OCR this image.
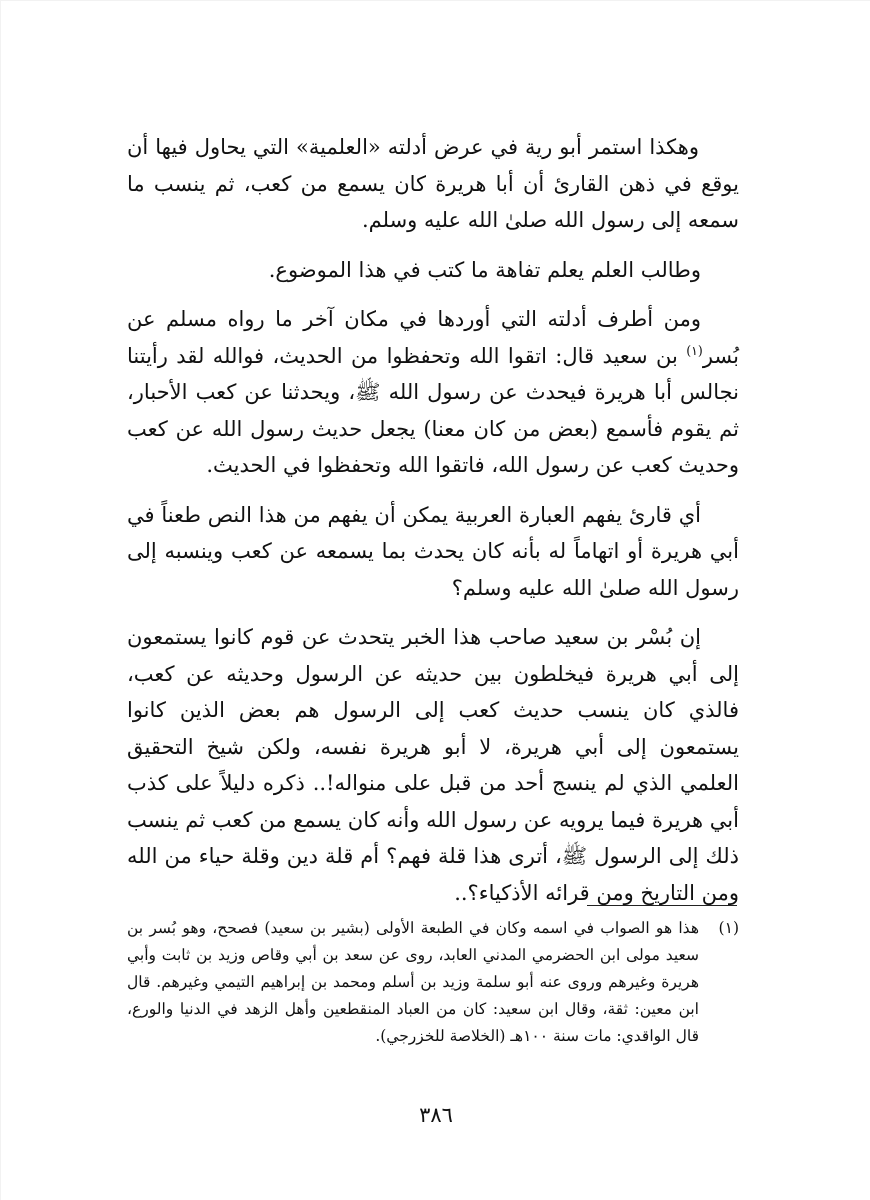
وهكذا استمر أبو رية في عرض أدلته «العلمية» التي يحاول فيها أن يوقع في ذهن القارئ أن أبا هريرة كان يسمع من كعب، ثم ينسب ما سمعه إلى رسول الله صلىٰ الله عليه وسلم.

وطالب العلم يعلم تفاهة ما كتب في هذا الموضوع.

ومن أطرف أدلته التي أوردها في مكان آخر ما رواه مسلم عن بُسر$^{(١)}$ بن سعيد قال: اتقوا الله وتحفظوا من الحديث، فوالله لقد رأيتنا نجالس أبا هريرة فيحدث عن رسول الله ﷺ، ويحدثنا عن كعب الأحبار، ثم يقوم فأسمع (بعض من كان معنا) يجعل حديث رسول الله عن كعب وحديث كعب عن رسول الله، فاتقوا الله وتحفظوا في الحديث.

أي قارئ يفهم العبارة العربية يمكن أن يفهم من هذا النص طعناً في أبي هريرة أو اتهاماً له بأنه كان يحدث بما يسمعه عن كعب وينسبه إلى رسول الله صلىٰ الله عليه وسلم؟

إن بُسْر بن سعيد صاحب هذا الخبر يتحدث عن قوم كانوا يستمعون إلى أبي هريرة فيخلطون بين حديثه عن الرسول وحديثه عن كعب، فالذي كان ينسب حديث كعب إلى الرسول هم بعض الذين كانوا يستمعون إلى أبي هريرة، لا أبو هريرة نفسه، ولكن شيخ التحقيق العلمي الذي لم ينسج أحد من قبل على منواله!.. ذكره دليلاً على كذب أبي هريرة فيما يرويه عن رسول الله وأنه كان يسمع من كعب ثم ينسب ذلك إلى الرسول ﷺ، أترى هذا قلة فهم؟ أم قلة دين وقلة حياء من الله ومن التاريخ ومن قرائه الأذكياء؟..

(١)
هذا هو الصواب في اسمه وكان في الطبعة الأولى (بشير بن سعيد) فصحح، وهو بُسر بن سعيد مولى ابن الحضرمي المدني العابد، روى عن سعد بن أبي وقاص وزيد بن ثابت وأبي هريرة وغيرهم وروى عنه أبو سلمة وزيد بن أسلم ومحمد بن إبراهيم التيمي وغيرهم. قال ابن معين: ثقة، وقال ابن سعيد: كان من العباد المنقطعين وأهل الزهد في الدنيا والورع، قال الواقدي: مات سنة ١٠٠هـ (الخلاصة للخزرجي).
٣٨٦
